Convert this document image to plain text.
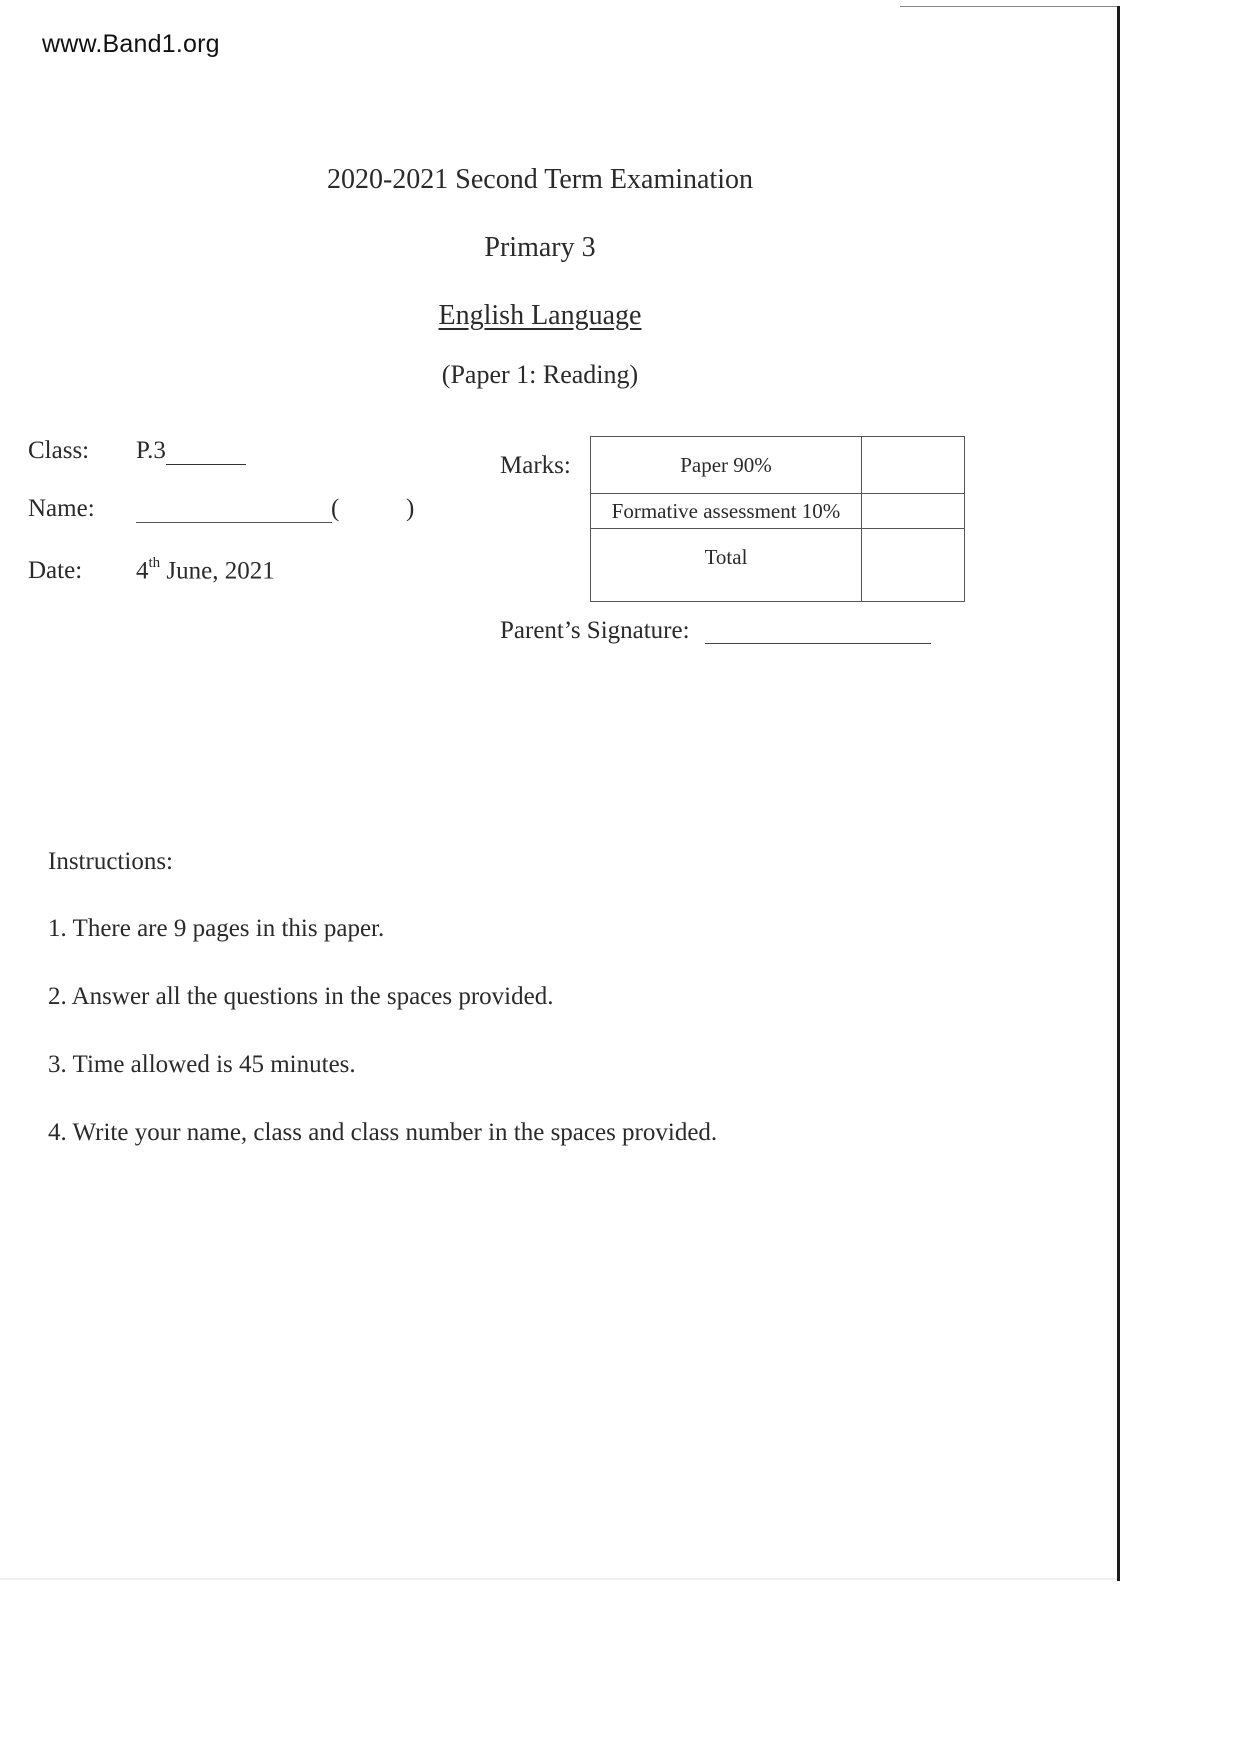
www.Band1.org
2020-2021 Second Term Examination
Primary 3
English Language
(Paper 1: Reading)
Class: P.3
Name:	(	)
Date: 4th June, 2021
Marks:	Paper 90%	
Formative assessment 10%	
Total	
Parent’s Signature:
Instructions:
1. There are 9 pages in this paper.
2. Answer all the questions in the spaces provided.
3. Time allowed is 45 minutes.
4. Write your name, class and class number in the spaces provided.
